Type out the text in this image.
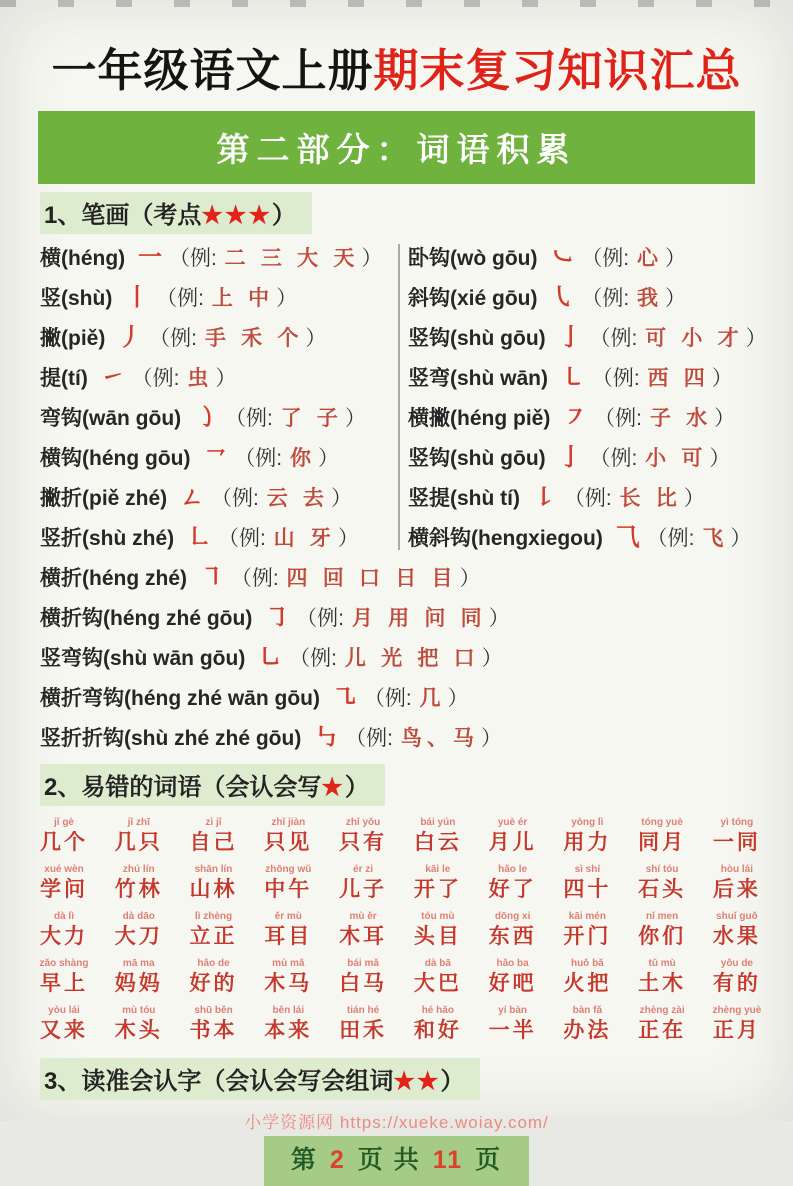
一年级语文上册期末复习知识汇总
第二部分：词语积累
1、笔画（考点★★★）
横(héng) 一 （例: 二 三 大 天）
竖(shù) 丨 （例: 上 中）
撇(piě) 丿 （例: 手 禾 个）
提(tí) ㇀ （例: 虫）
弯钩(wān gōu) ㇁ （例: 了 子）
横钩(héng gōu) ㇖ （例: 你）
撇折(piě zhé) ㄥ （例: 云 去）
竖折(shù zhé) ㇗ （例: 山 牙）
卧钩(wò gōu) ㇃ （例: 心）
斜钩(xié gōu) ㇂ （例: 我）
竖钩(shù gōu) 亅 （例: 可 小 才）
竖弯(shù wān) ㇄ （例: 西 四）
横撇(héng piě) ㇇ （例: 子 水）
竖钩(shù gōu) 亅 （例: 小 可）
竖提(shù tí) ㇙ （例: 长 比）
横斜钩(hengxiegou) ⺄ （例: 飞）
横折(héng zhé) ㇕ （例: 四 回 口 日 目）
横折钩(héng zhé gōu) ㇆ （例: 月 用 问 同）
竖弯钩(shù wān gōu) ㇟ （例: 儿 光 把 口）
横折弯钩(héng zhé wān gōu) ㇈ （例: 几）
竖折折钩(shù zhé zhé gōu) ㇉ （例: 鸟、马）
2、易错的词语（会认会写★）
jǐ gè
几个
jǐ zhī
几只
zì jǐ
自己
zhǐ jiàn
只见
zhǐ yǒu
只有
bái yún
白云
yuè ér
月儿
yòng lì
用力
tóng yuè
同月
yì tóng
一同
xué wèn
学问
zhú lín
竹林
shān lín
山林
zhōng wǔ
中午
ér zi
儿子
kāi le
开了
hǎo le
好了
sì shí
四十
shí tóu
石头
hòu lái
后来
dà lì
大力
dà dāo
大刀
lì zhèng
立正
ěr mù
耳目
mù ěr
木耳
tóu mù
头目
dōng xi
东西
kāi mén
开门
nǐ men
你们
shuǐ guǒ
水果
zǎo shàng
早上
mā ma
妈妈
hǎo de
好的
mù mǎ
木马
bái mǎ
白马
dà bā
大巴
hǎo ba
好吧
huǒ bǎ
火把
tǔ mù
土木
yǒu de
有的
yòu lái
又来
mù tóu
木头
shū běn
书本
běn lái
本来
tián hé
田禾
hé hǎo
和好
yí bàn
一半
bàn fǎ
办法
zhèng zài
正在
zhèng yuè
正月
3、读准会认字（会认会写会组词★★）
小学资源网 https://xueke.woiay.com/
第 2 页 共 11 页
